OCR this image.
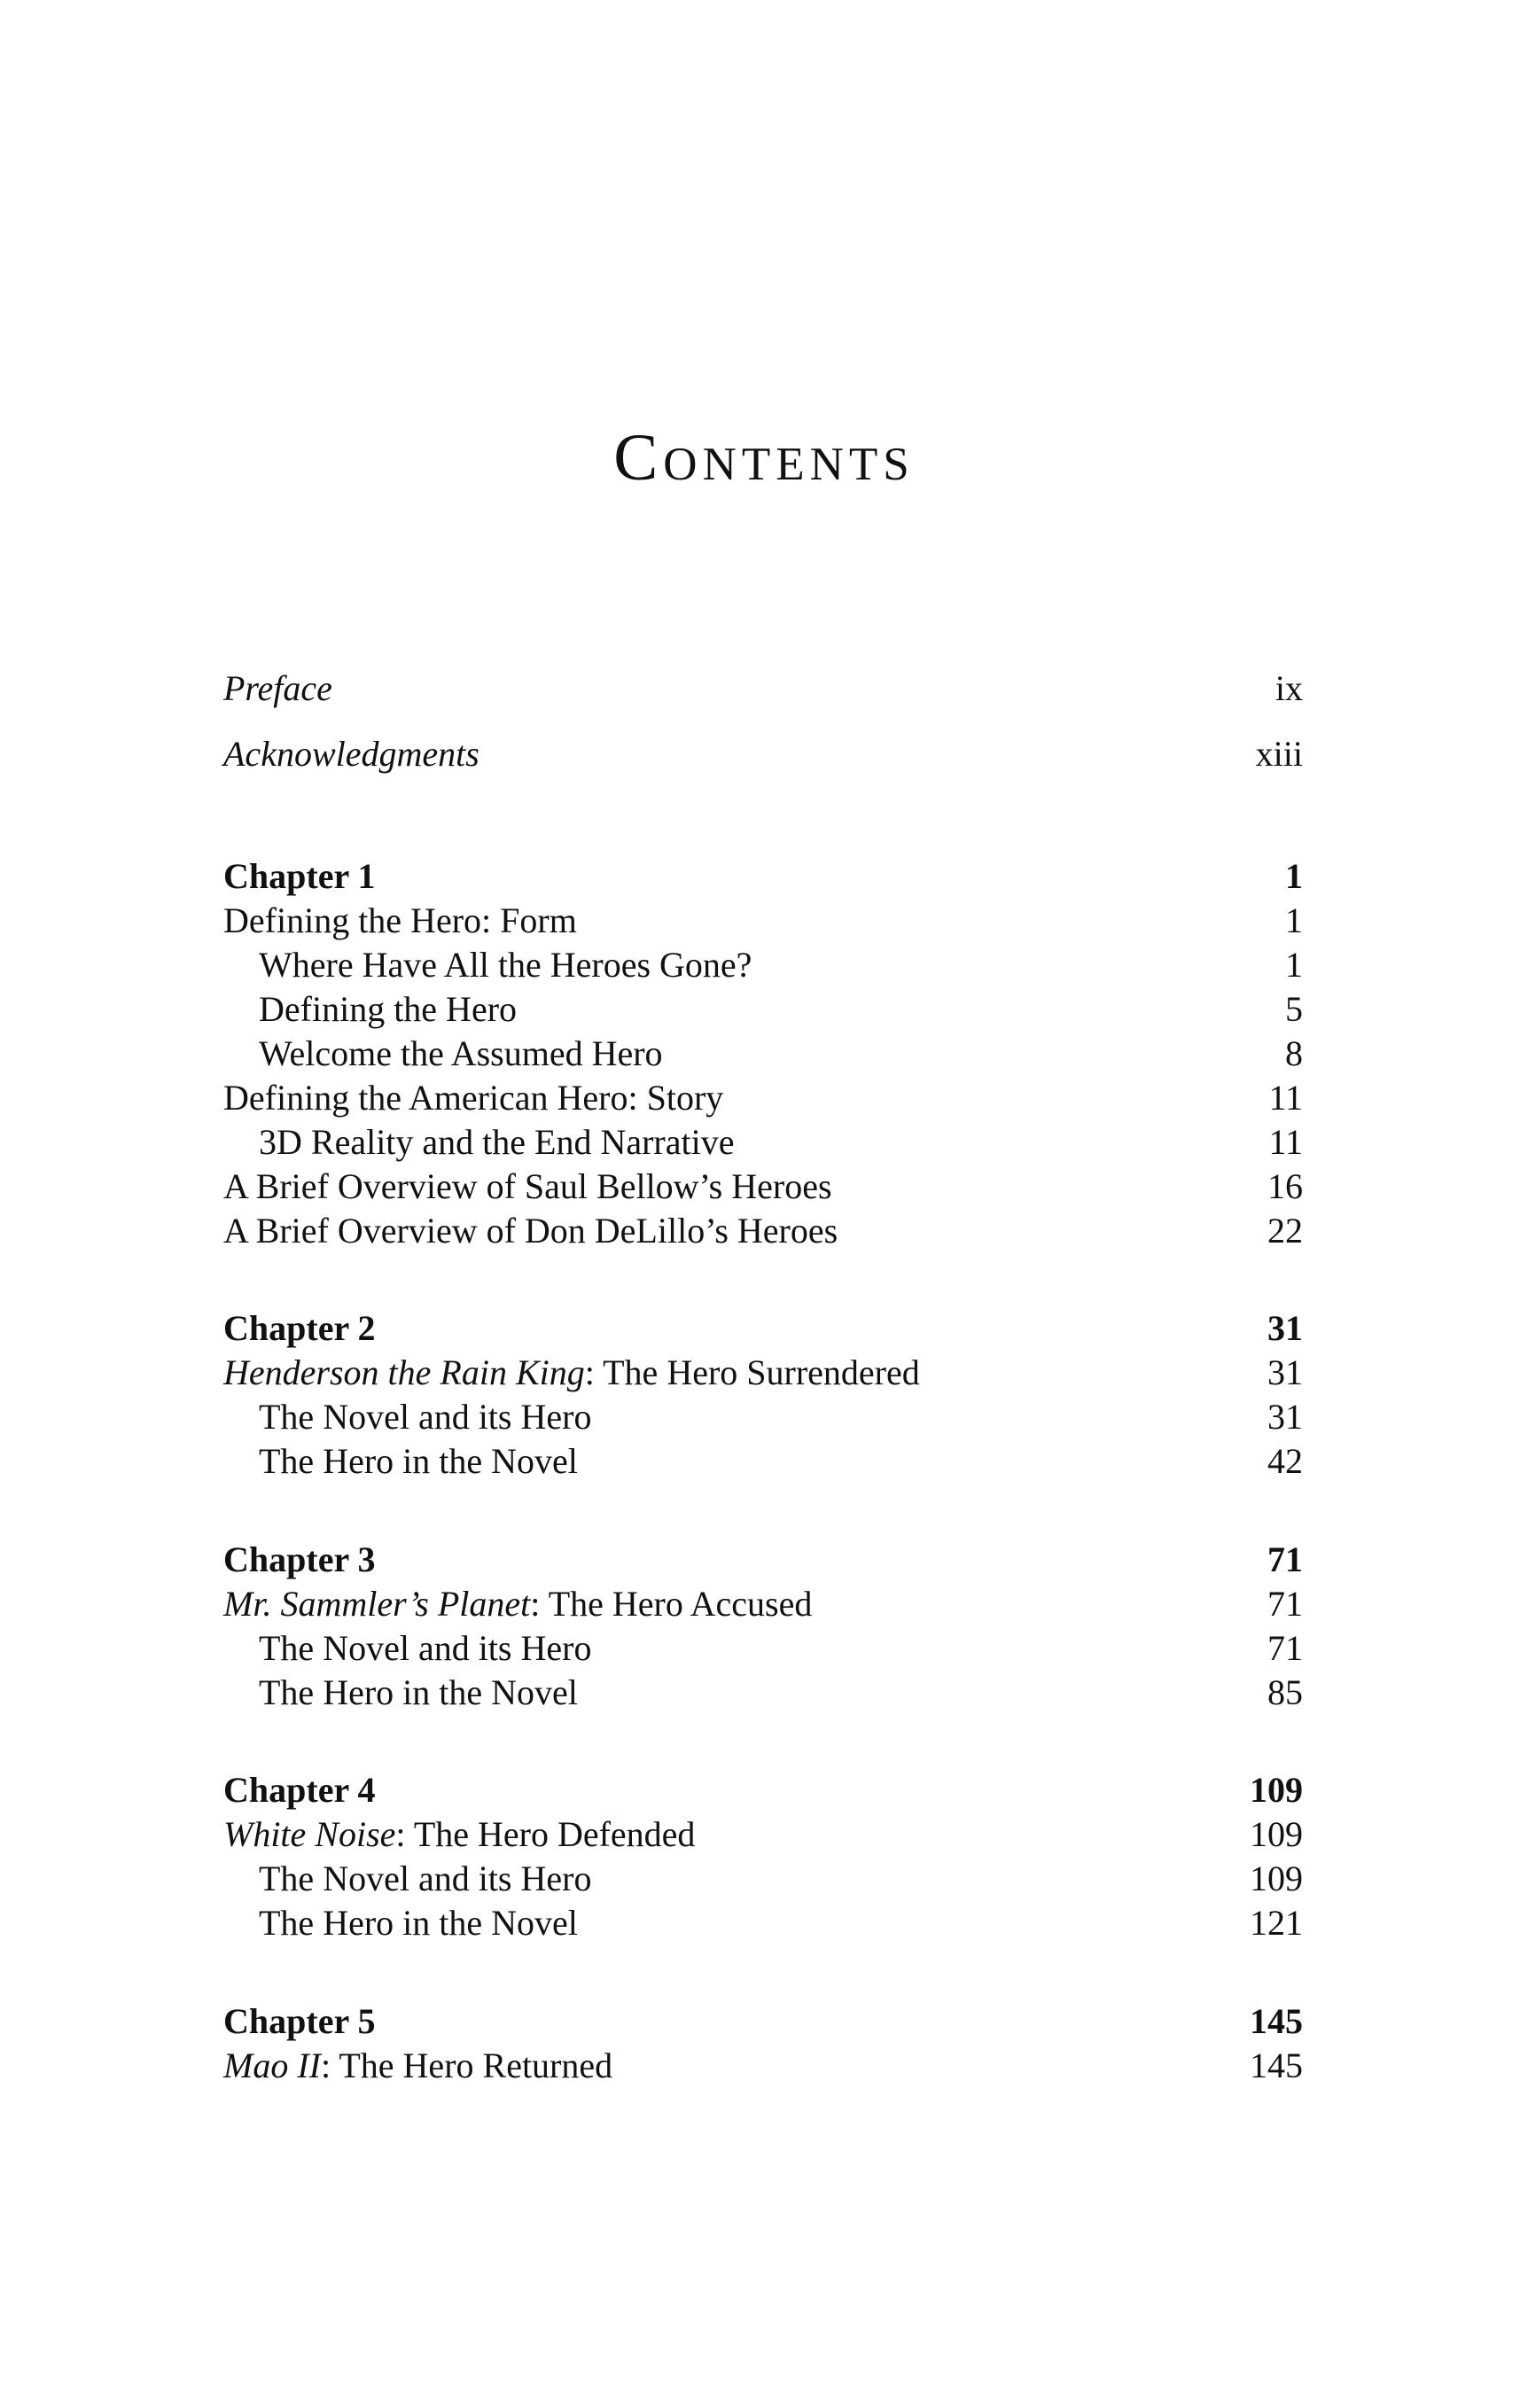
Contents
Preface	ix
Acknowledgments	xiii
Chapter 1	1
Defining the Hero: Form	1
Where Have All the Heroes Gone?	1
Defining the Hero	5
Welcome the Assumed Hero	8
Defining the American Hero: Story	11
3D Reality and the End Narrative	11
A Brief Overview of Saul Bellow’s Heroes	16
A Brief Overview of Don DeLillo’s Heroes	22
Chapter 2	31
Henderson the Rain King: The Hero Surrendered	31
The Novel and its Hero	31
The Hero in the Novel	42
Chapter 3	71
Mr. Sammler’s Planet: The Hero Accused	71
The Novel and its Hero	71
The Hero in the Novel	85
Chapter 4	109
White Noise: The Hero Defended	109
The Novel and its Hero	109
The Hero in the Novel	121
Chapter 5	145
Mao II: The Hero Returned	145
